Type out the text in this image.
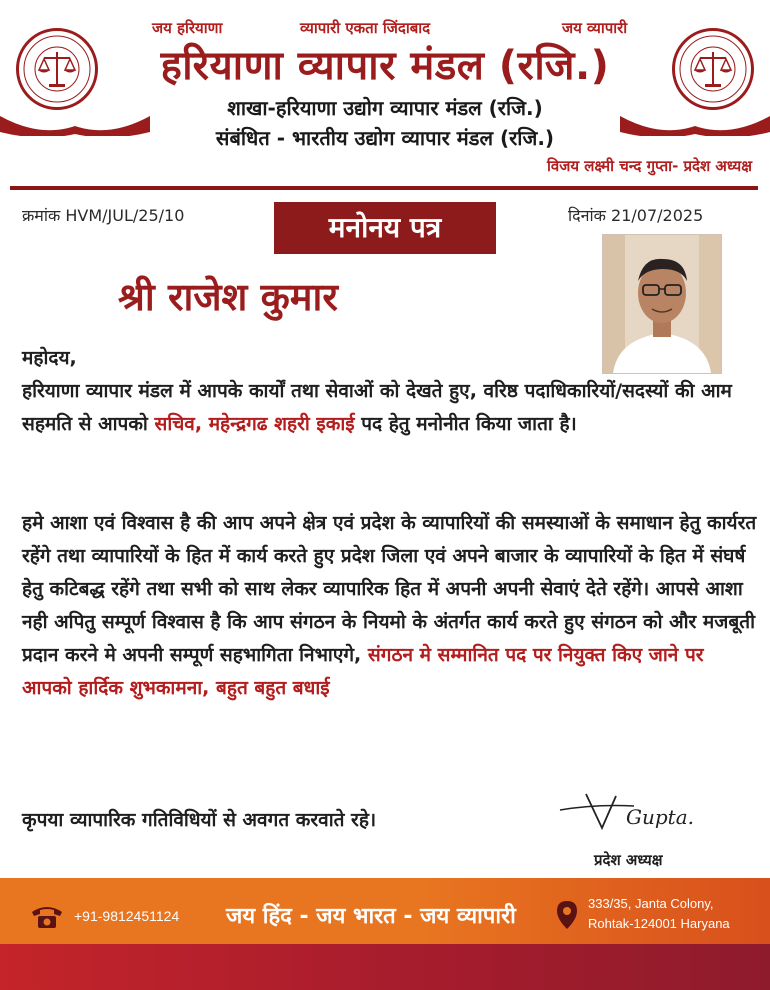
जय हरियाणा	व्यापारी एकता जिंदाबाद	जय व्यापारी
हरियाणा व्यापार मंडल (रजि.)
शाखा-हरियाणा उद्योग व्यापार मंडल (रजि.)
संबंधित - भारतीय उद्योग व्यापार मंडल (रजि.)
विजय लक्ष्मी चन्द गुप्ता- प्रदेश अध्यक्ष
क्रमांक HVM/JUL/25/10	दिनांक 21/07/2025
मनोनय पत्र
श्री राजेश कुमार
महोदय,
हरियाणा व्यापार मंडल में आपके कार्यों तथा सेवाओं को देखते हुए, वरिष्ठ पदाधिकारियों/सदस्यों की आम सहमति से आपको सचिव, महेन्द्रगढ शहरी इकाई पद हेतु मनोनीत किया जाता है।
हमे आशा एवं विश्वास है की आप अपने क्षेत्र एवं प्रदेश के व्यापारियों की समस्याओं के समाधान हेतु कार्यरत रहेंगे तथा व्यापारियों के हित में कार्य करते हुए प्रदेश जिला एवं अपने बाजार के व्यापारियों के हित में संघर्ष हेतु कटिबद्ध रहेंगे तथा सभी को साथ लेकर व्यापारिक हित में अपनी अपनी सेवाएं देते रहेंगे। आपसे आशा नही अपितु सम्पूर्ण विश्वास है कि आप संगठन के नियमो के अंतर्गत कार्य करते हुए संगठन को और मजबूती प्रदान करने मे अपनी सम्पूर्ण सहभागिता निभाएगे, संगठन मे सम्मानित पद पर नियुक्त किए जाने पर आपको हार्दिक शुभकामना, बहुत बहुत बधाई
कृपया व्यापारिक गतिविधियों से अवगत करवाते रहे।	Gupta.
प्रदेश अध्यक्ष
+91-9812451124 जय हिंद - जय भारत - जय व्यापारी
333/35, Janta Colony,
Rohtak-124001 Haryana
